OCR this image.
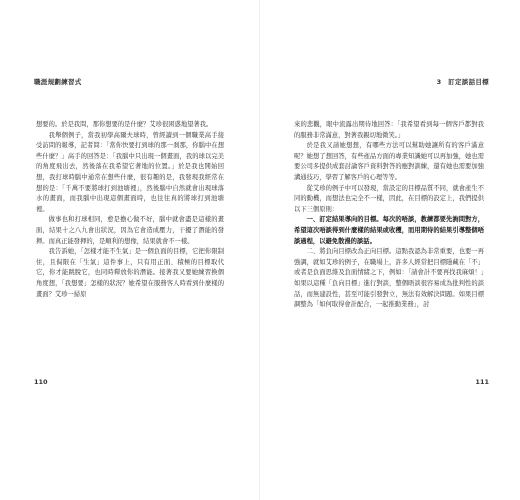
職涯規劃練習式

想要的。於是我問，那你想要的是什麼？艾珍很困惑地望著我。

我舉個例子，當我初學高爾夫球時，曾經讀到一個職業高手接受訪問的報導，記者問：「當你快要打到球的那一刹那，你腦中在想些什麼？」高手的回答是：「我腦中只出現一個畫面，我的球以完美的角度飛出去，然後落在我希望它著地的位置。」於是我也開始回想，我打球時腦中通常在想些什麼，很有趣的是，我發現我經常在想的是：「千萬不要將球打到池塘裡」，然後腦中自然就會出現球落水的畫面，而我腦中出現這個畫面時，也往往真的將球打到池塘裡。

做事也和打球相同，愈是擔心做不好，腦中就會盡是這樣的畫面，結果十之八九會出狀況，因為它會造成壓力，干擾了潛能的發揮。而真正能發揮的，是順利的想像，結果就會不一樣。

我告訴她，「怎樣才能不生氣」是一個負面的目標，它把你限制住，且侷限在「生氣」這件事上，只有用正面、積極的目標取代它，你才能跳脫它，也同時釋放你的潛能。接著我又要她練習換個角度想，「我想要」怎樣的狀況？她希望在服務客人時看到什麼樣的畫面？艾珍一掃原

110
3　訂定談話目標

來的悲觀，眼中流露出期待地回答：「我希望看到每一個客戶都對我的服務非常滿意，對著我親切地微笑。」

於是我又請她想想，有哪些方法可以幫助她讓所有的客戶滿意呢？她想了想回答，有些產品方面的專業知識她可以再加強，她也需要公司多提供成套討論客戶資料對答的應對訓練，還有她也需要加強溝通技巧，學習了解客戶的心理等等。

從艾珍的例子中可以發現，當設定的目標品質不同，就會產生不同的動機，而想法也完全不一樣，因此，在目標的設定上，我們提供以下三個原則：

一、訂定結果導向的目標。每次的唔談，教練都要先詢問對方，希望這次唔談得到什麼樣的結果或收穫，而用期待的結果引導整個唔談過程，以避免散漫的談話。

二、將負向目標改為正向目標。這點我認為非常重要，也要一再強調，就如艾珍的例子，在職場上，許多人經常把目標隱藏在「不」或者是負面思維及負面情緒之下，例如：「請會計不要再找我麻煩！」如果以這種「負向目標」進行對談，整個晤談很容易成為批判性的談話，而無建設性，甚至可能引發對立，無法有效解決問題。如果目標調整為「如何取得會計配合，一起推動業務」，討

111
